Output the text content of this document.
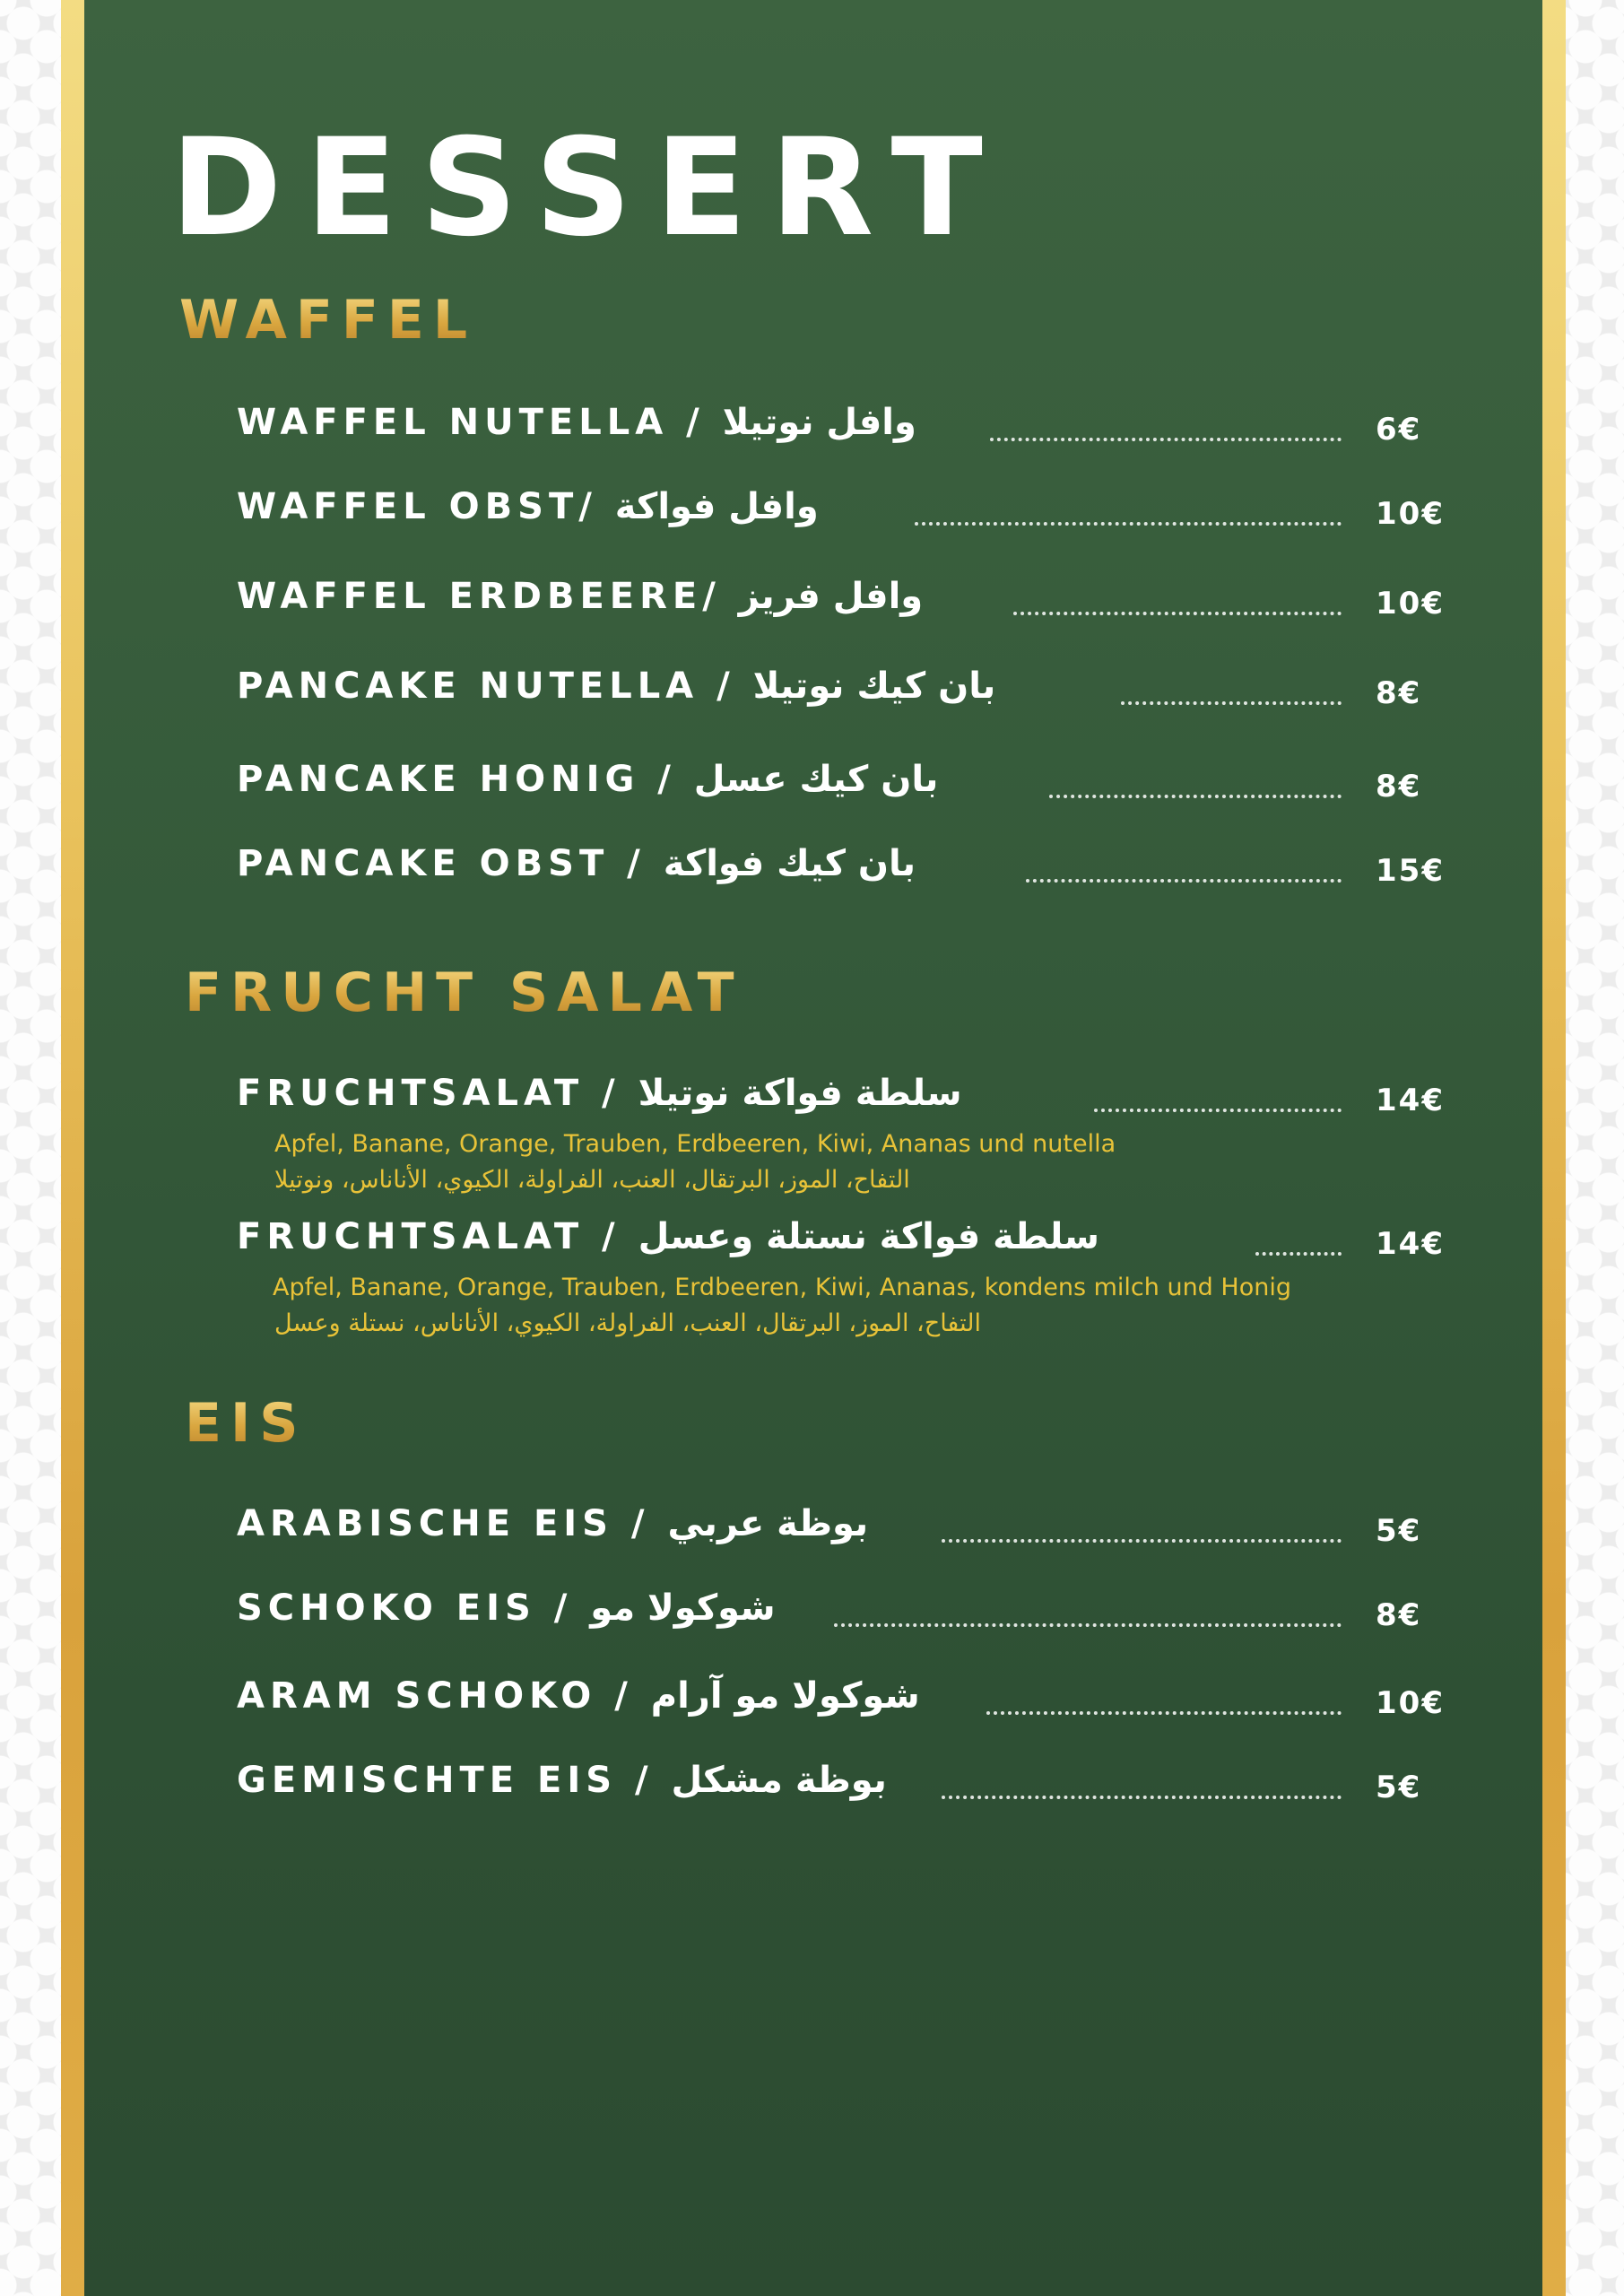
DESSERT
WAFFEL
WAFFEL NUTELLA / وافل نوتيلا	6€
WAFFEL OBST/ وافل فواكة	10€
WAFFEL ERDBEERE/ وافل فريز	10€
PANCAKE NUTELLA / بان كيك نوتيلا	8€
PANCAKE HONIG / بان كيك عسل	8€
PANCAKE OBST / بان كيك فواكة	15€
FRUCHT SALAT
FRUCHTSALAT / سلطة فواكة نوتيلا	14€
Apfel, Banane, Orange, Trauben, Erdbeeren, Kiwi, Ananas und nutella
التفاح، الموز، البرتقال، العنب، الفراولة، الكيوي، الأناناس، ونوتيلا
FRUCHTSALAT / سلطة فواكة نستلة وعسل	14€
Apfel, Banane, Orange, Trauben, Erdbeeren, Kiwi, Ananas, kondens milch und Honig
التفاح، الموز، البرتقال، العنب، الفراولة، الكيوي، الأناناس، نستلة وعسل
EIS
ARABISCHE EIS / بوظة عربي	5€
SCHOKO EIS / شوكولا مو	8€
ARAM SCHOKO / شوكولا مو آرام	10€
GEMISCHTE EIS / بوظة مشكل	5€
